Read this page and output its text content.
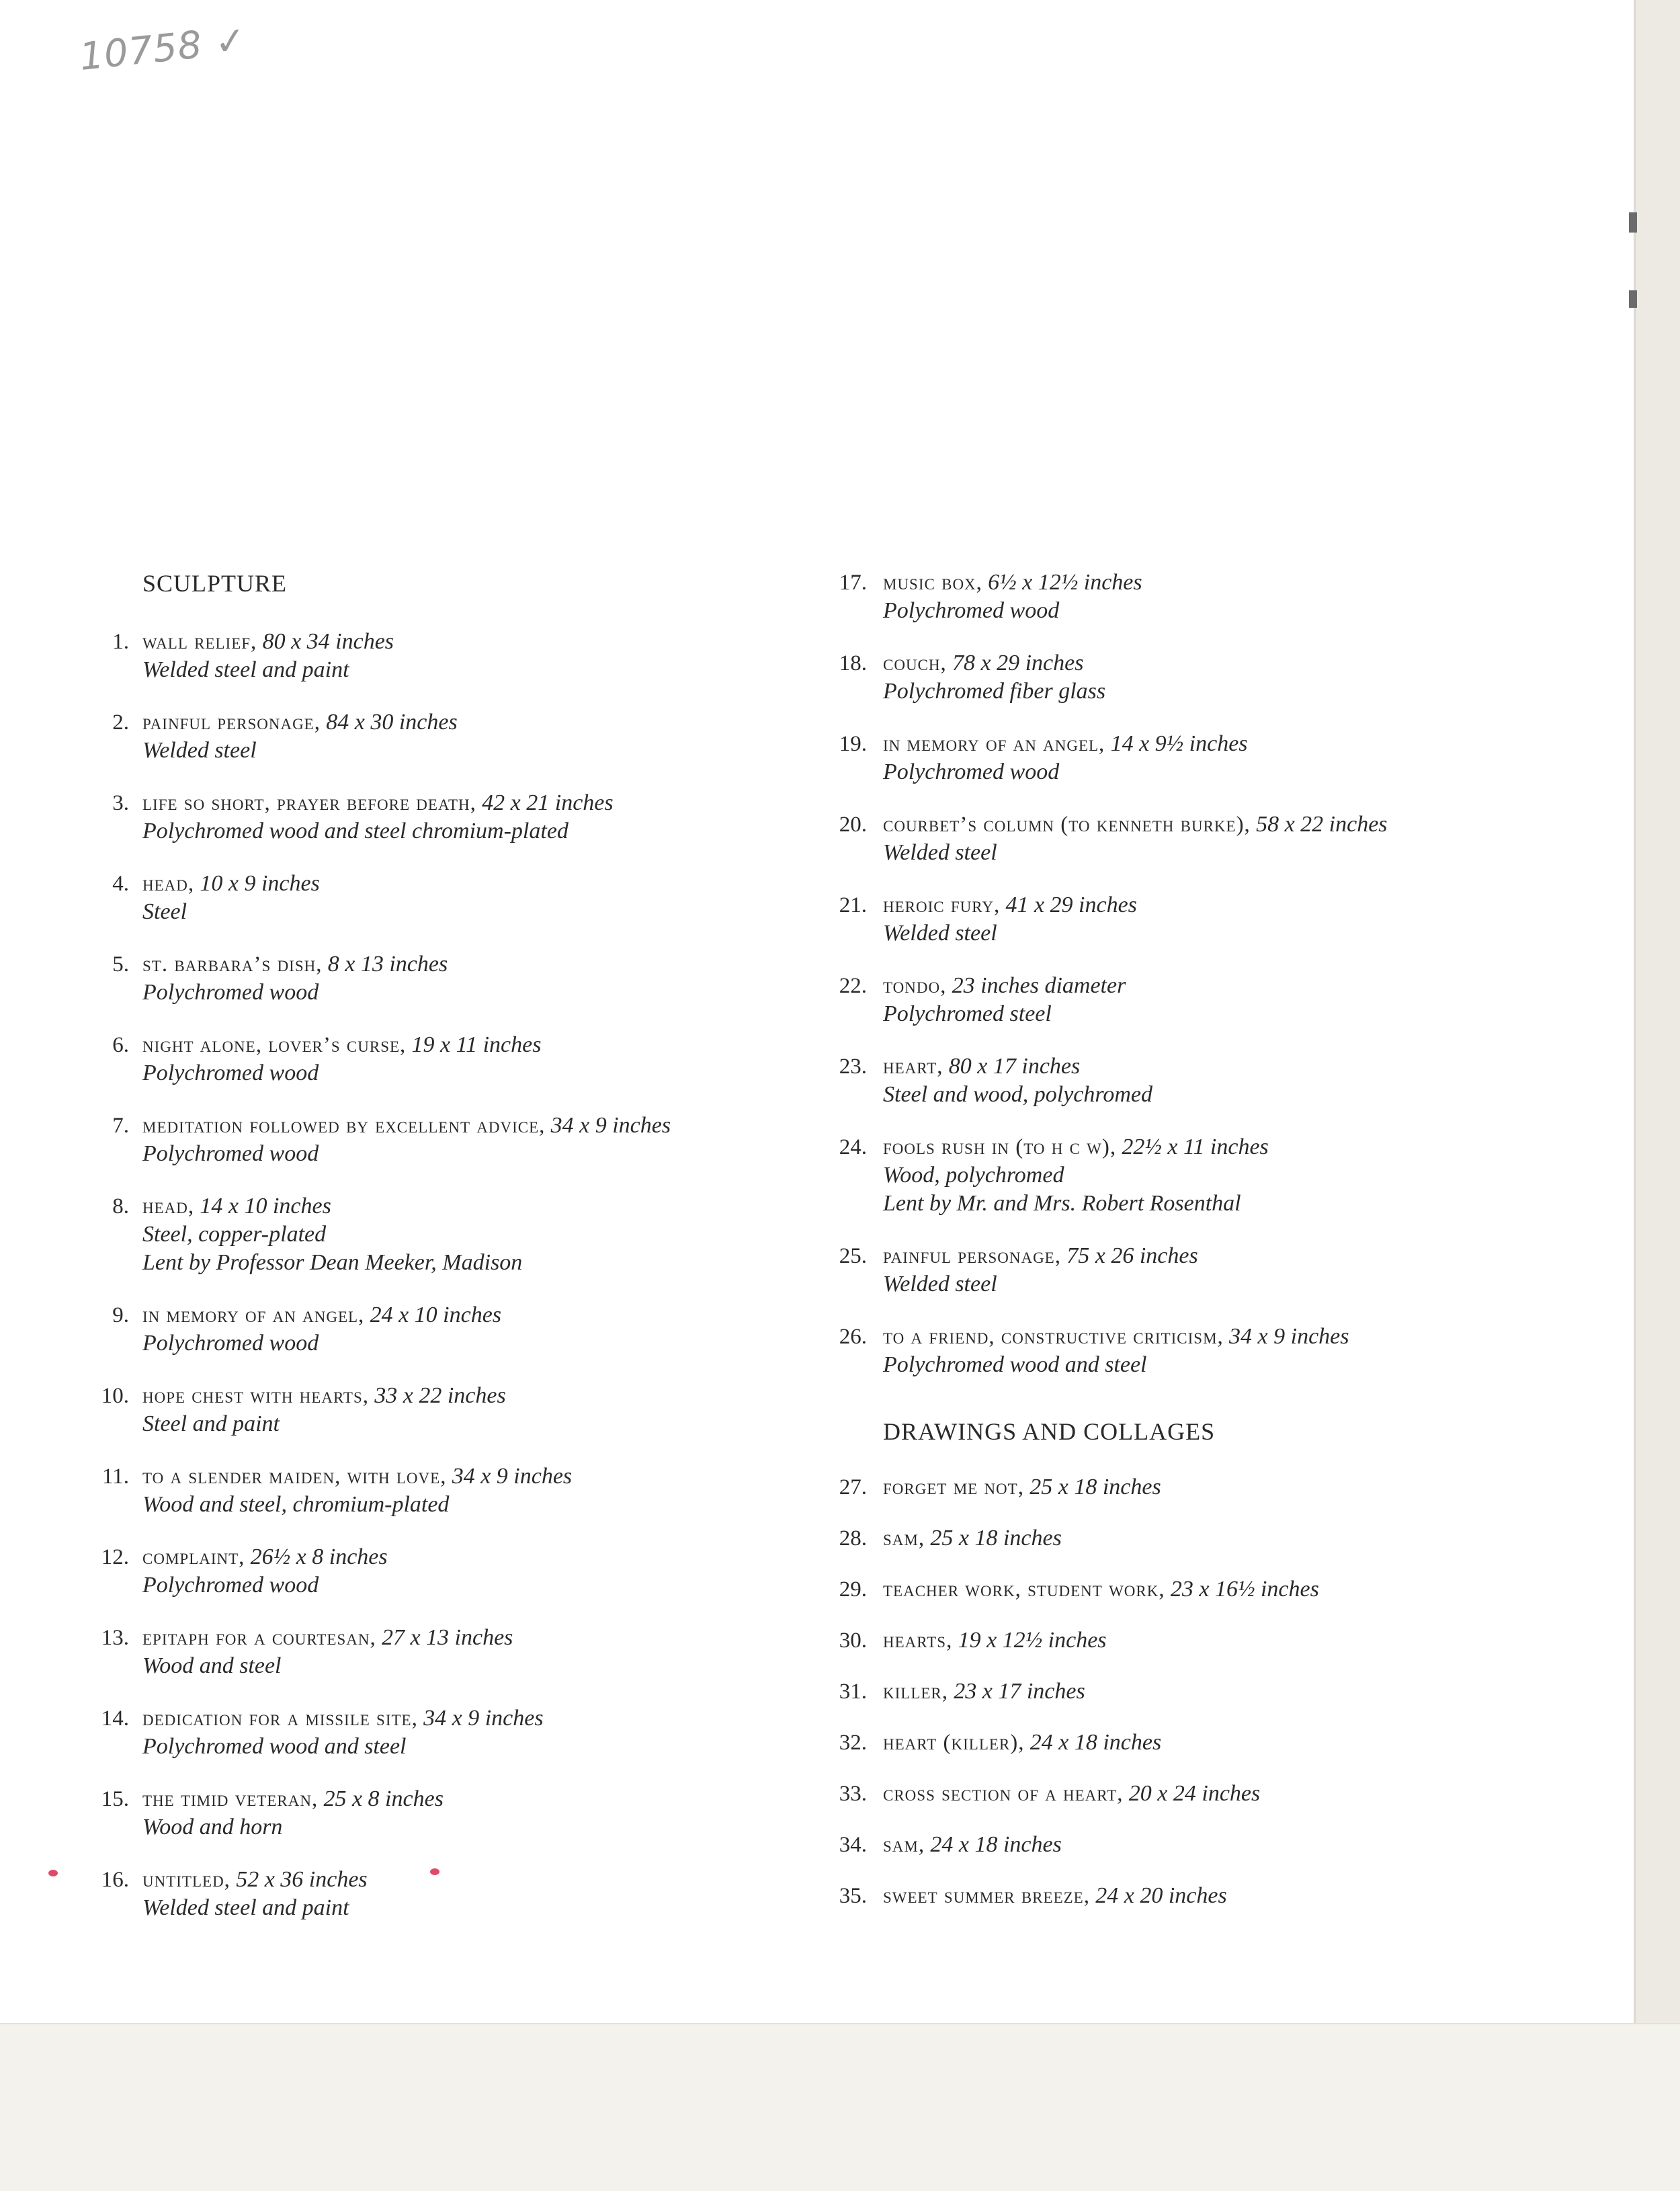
10758 ✓
SCULPTURE
1. wall relief, 80 x 34 inches
Welded steel and paint
2. painful personage, 84 x 30 inches
Welded steel
3. life so short, prayer before death, 42 x 21 inches
Polychromed wood and steel chromium-plated
4. head, 10 x 9 inches
Steel
5. st. barbara’s dish, 8 x 13 inches
Polychromed wood
6. night alone, lover’s curse, 19 x 11 inches
Polychromed wood
7. meditation followed by excellent advice, 34 x 9 inches
Polychromed wood
8. head, 14 x 10 inches
Steel, copper-plated
Lent by Professor Dean Meeker, Madison
9. in memory of an angel, 24 x 10 inches
Polychromed wood
10. hope chest with hearts, 33 x 22 inches
Steel and paint
11. to a slender maiden, with love, 34 x 9 inches
Wood and steel, chromium-plated
12. complaint, 26½ x 8 inches
Polychromed wood
13. epitaph for a courtesan, 27 x 13 inches
Wood and steel
14. dedication for a missile site, 34 x 9 inches
Polychromed wood and steel
15. the timid veteran, 25 x 8 inches
Wood and horn
16. untitled, 52 x 36 inches
Welded steel and paint
17. music box, 6½ x 12½ inches
Polychromed wood
18. couch, 78 x 29 inches
Polychromed fiber glass
19. in memory of an angel, 14 x 9½ inches
Polychromed wood
20. courbet’s column (to kenneth burke), 58 x 22 inches
Welded steel
21. heroic fury, 41 x 29 inches
Welded steel
22. tondo, 23 inches diameter
Polychromed steel
23. heart, 80 x 17 inches
Steel and wood, polychromed
24. fools rush in (to h c w), 22½ x 11 inches
Wood, polychromed
Lent by Mr. and Mrs. Robert Rosenthal
25. painful personage, 75 x 26 inches
Welded steel
26. to a friend, constructive criticism, 34 x 9 inches
Polychromed wood and steel
DRAWINGS AND COLLAGES
27. forget me not, 25 x 18 inches
28. sam, 25 x 18 inches
29. teacher work, student work, 23 x 16½ inches
30. hearts, 19 x 12½ inches
31. killer, 23 x 17 inches
32. heart (killer), 24 x 18 inches
33. cross section of a heart, 20 x 24 inches
34. sam, 24 x 18 inches
35. sweet summer breeze, 24 x 20 inches
